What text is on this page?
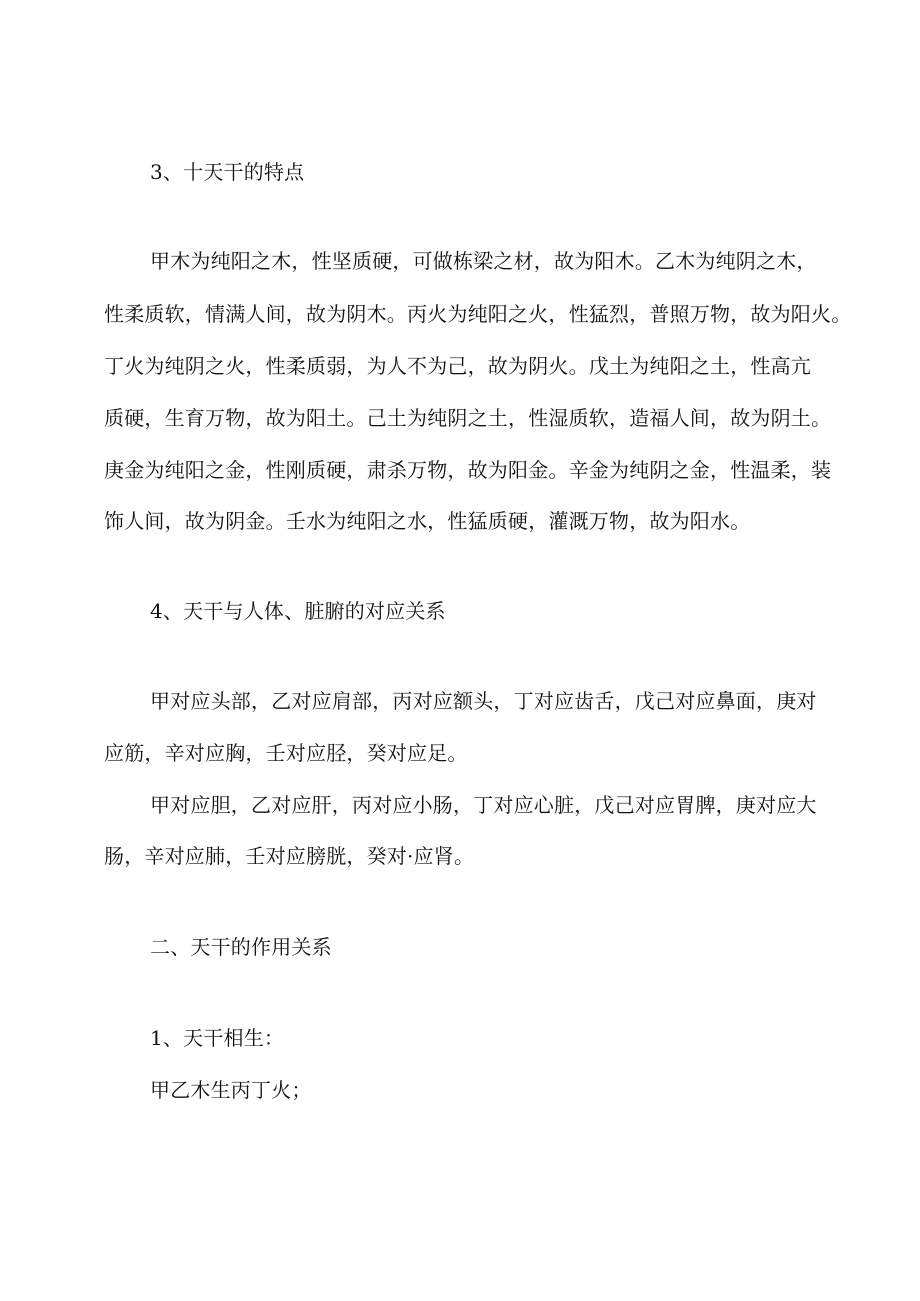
3、十天干的特点
甲木为纯阳之木，性坚质硬，可做栋梁之材，故为阳木。乙木为纯阴之木，
性柔质软，情满人间，故为阴木。丙火为纯阳之火，性猛烈，普照万物，故为阳火。
丁火为纯阴之火，性柔质弱，为人不为己，故为阴火。戊土为纯阳之土，性高亢
质硬，生育万物，故为阳土。己土为纯阴之土，性湿质软，造福人间，故为阴土。
庚金为纯阳之金，性刚质硬，肃杀万物，故为阳金。辛金为纯阴之金，性温柔，装
饰人间，故为阴金。壬水为纯阳之水，性猛质硬，灌溉万物，故为阳水。
4、天干与人体、脏腑的对应关系
甲对应头部，乙对应肩部，丙对应额头，丁对应齿舌，戊己对应鼻面，庚对
应筋，辛对应胸，壬对应胫，癸对应足。
甲对应胆，乙对应肝，丙对应小肠，丁对应心脏，戊己对应胃脾，庚对应大
肠，辛对应肺，壬对应膀胱，癸对·应肾。
二、天干的作用关系
1、天干相生：
甲乙木生丙丁火；
